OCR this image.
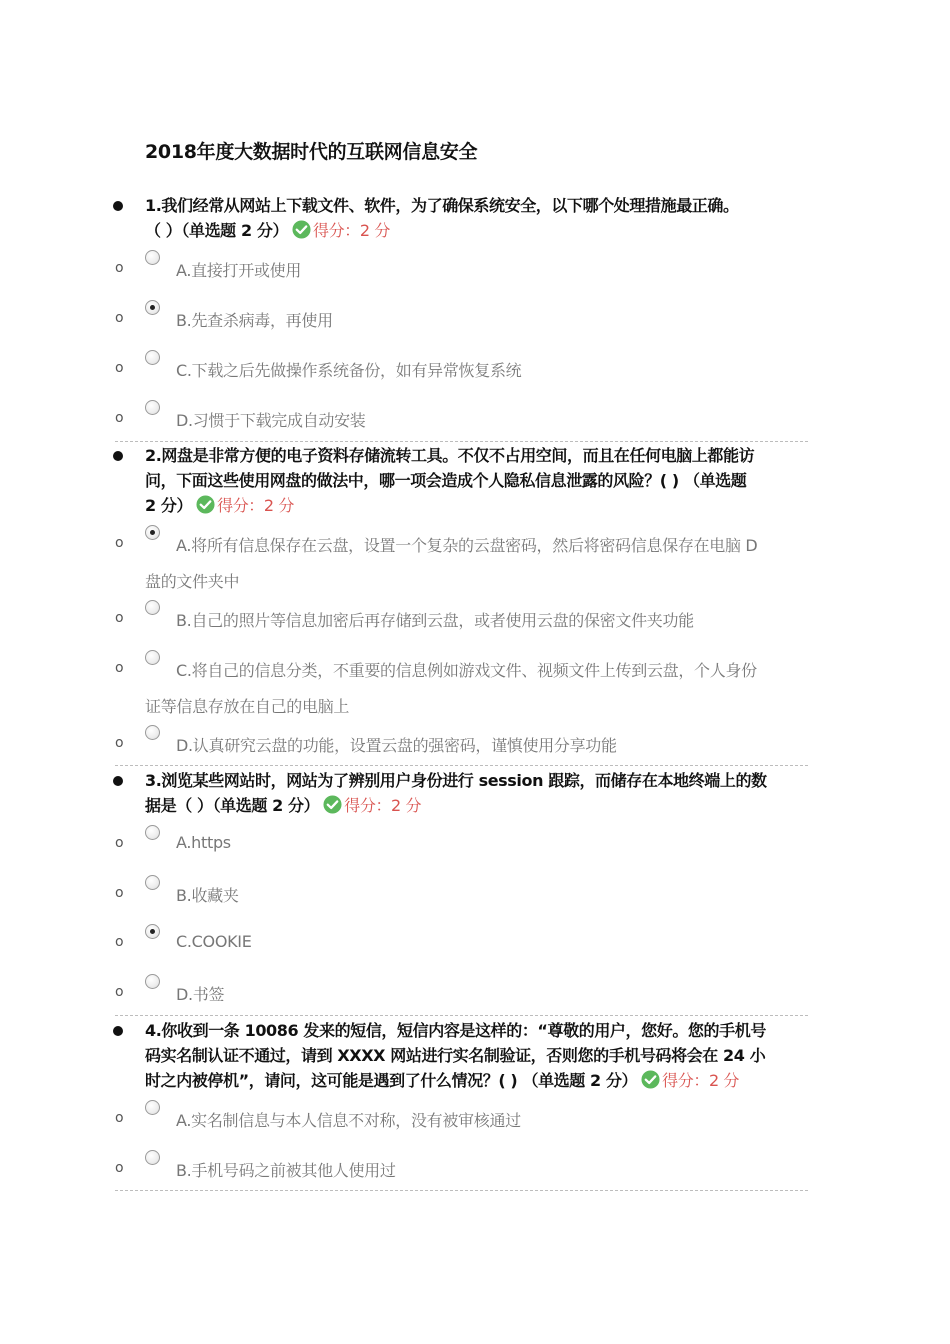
2018年度大数据时代的互联网信息安全
1.我们经常从网站上下载文件、软件，为了确保系统安全，以下哪个处理措施最正确。
（ ）（单选题 2 分） 得分：2 分
o	A.直接打开或使用
o	B.先查杀病毒，再使用
o	C.下载之后先做操作系统备份，如有异常恢复系统
o	D.习惯于下载完成自动安装
2.网盘是非常方便的电子资料存储流转工具。不仅不占用空间，而且在任何电脑上都能访
问，下面这些使用网盘的做法中，哪一项会造成个人隐私信息泄露的风险？( ) （单选题
2 分） 得分：2 分
o	A.将所有信息保存在云盘，设置一个复杂的云盘密码，然后将密码信息保存在电脑 D
盘的文件夹中
o	B.自己的照片等信息加密后再存储到云盘，或者使用云盘的保密文件夹功能
o	C.将自己的信息分类，不重要的信息例如游戏文件、视频文件上传到云盘，个人身份
证等信息存放在自己的电脑上
o	D.认真研究云盘的功能，设置云盘的强密码，谨慎使用分享功能
3.浏览某些网站时，网站为了辨别用户身份进行 session 跟踪，而储存在本地终端上的数
据是（ ）（单选题 2 分） 得分：2 分
o	A.https
o	B.收藏夹
o	C.COOKIE
o	D.书签
4.你收到一条 10086 发来的短信，短信内容是这样的：“尊敬的用户，您好。您的手机号
码实名制认证不通过，请到 XXXX 网站进行实名制验证，否则您的手机号码将会在 24 小
时之内被停机”，请问，这可能是遇到了什么情况？( ) （单选题 2 分） 得分：2 分
o	A.实名制信息与本人信息不对称，没有被审核通过
o	B.手机号码之前被其他人使用过
